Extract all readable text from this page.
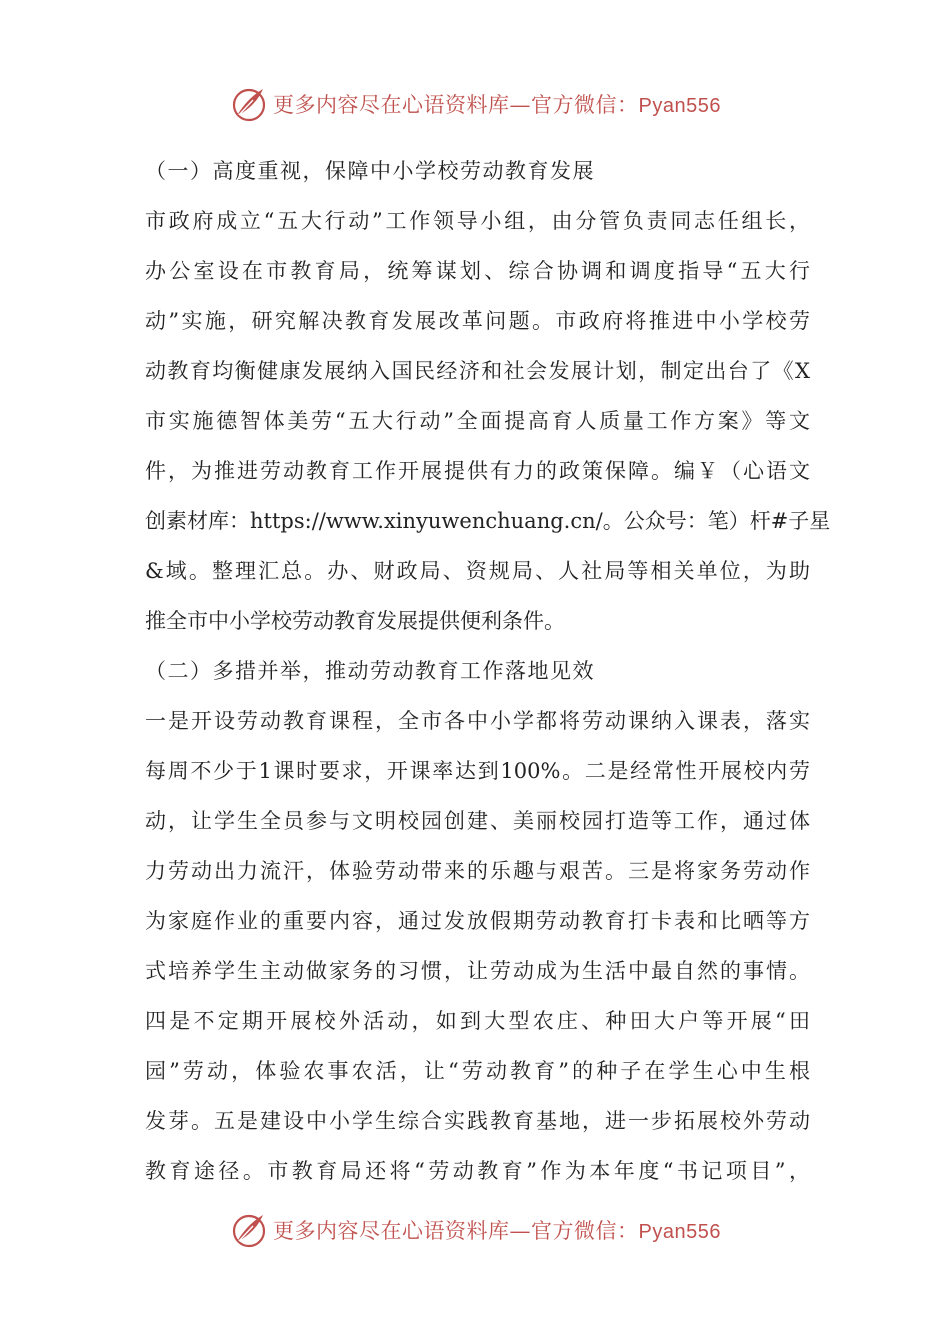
更多内容尽在心语资料库—官方微信：Pyan556
（一）高度重视，保障中小学校劳动教育发展
市政府成立“五大行动”工作领导小组，由分管负责同志任组长，
办公室设在市教育局，统筹谋划、综合协调和调度指导“五大行
动”实施，研究解决教育发展改革问题。市政府将推进中小学校劳
动教育均衡健康发展纳入国民经济和社会发展计划，制定出台了《X
市实施德智体美劳“五大行动”全面提高育人质量工作方案》等文
件，为推进劳动教育工作开展提供有力的政策保障。编￥（心语文
创素材库：https://www.xinyuwenchuang.cn/。公众号：笔）杆#子星
&域。整理汇总。办、财政局、资规局、人社局等相关单位，为助
推全市中小学校劳动教育发展提供便利条件。
（二）多措并举，推动劳动教育工作落地见效
一是开设劳动教育课程，全市各中小学都将劳动课纳入课表，落实
每周不少于1课时要求，开课率达到100%。二是经常性开展校内劳
动，让学生全员参与文明校园创建、美丽校园打造等工作，通过体
力劳动出力流汗，体验劳动带来的乐趣与艰苦。三是将家务劳动作
为家庭作业的重要内容，通过发放假期劳动教育打卡表和比晒等方
式培养学生主动做家务的习惯，让劳动成为生活中最自然的事情。
四是不定期开展校外活动，如到大型农庄、种田大户等开展“田
园”劳动，体验农事农活，让“劳动教育”的种子在学生心中生根
发芽。五是建设中小学生综合实践教育基地，进一步拓展校外劳动
教育途径。市教育局还将“劳动教育”作为本年度“书记项目”，
更多内容尽在心语资料库—官方微信：Pyan556
